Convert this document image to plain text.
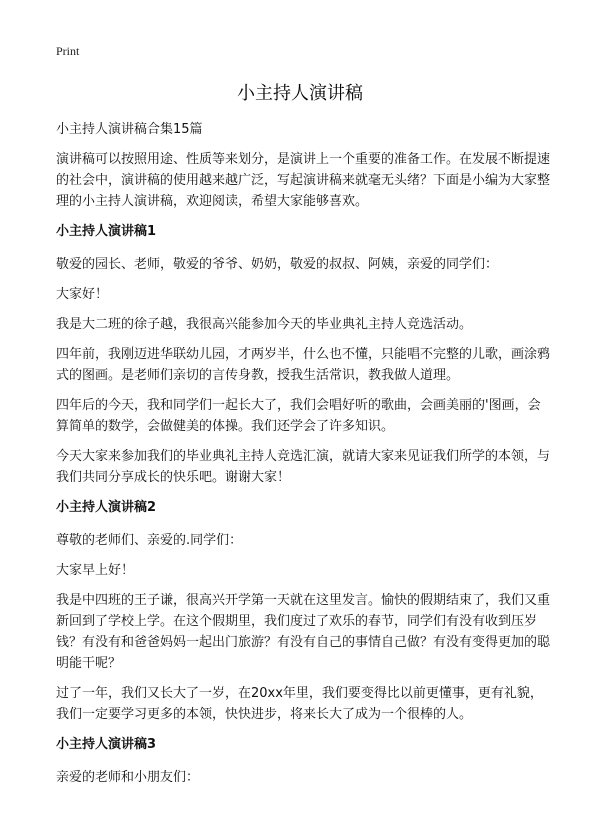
Print
小主持人演讲稿

小主持人演讲稿合集15篇

演讲稿可以按照用途、性质等来划分，是演讲上一个重要的准备工作。在发展不断提速的社会中，演讲稿的使用越来越广泛，写起演讲稿来就毫无头绪？下面是小编为大家整理的小主持人演讲稿，欢迎阅读，希望大家能够喜欢。

小主持人演讲稿1

敬爱的园长、老师，敬爱的爷爷、奶奶，敬爱的叔叔、阿姨，亲爱的同学们：

大家好！

我是大二班的徐子越，我很高兴能参加今天的毕业典礼主持人竞选活动。

四年前，我刚迈进华联幼儿园，才两岁半，什么也不懂，只能唱不完整的儿歌，画涂鸦式的图画。是老师们亲切的言传身教，授我生活常识，教我做人道理。

四年后的今天，我和同学们一起长大了，我们会唱好听的歌曲，会画美丽的'图画，会算简单的数学，会做健美的体操。我们还学会了许多知识。

今天大家来参加我们的毕业典礼主持人竞选汇演，就请大家来见证我们所学的本领，与我们共同分享成长的快乐吧。谢谢大家！

小主持人演讲稿2

尊敬的老师们、亲爱的.同学们：

大家早上好！

我是中四班的王子谦，很高兴开学第一天就在这里发言。愉快的假期结束了，我们又重新回到了学校上学。在这个假期里，我们度过了欢乐的春节，同学们有没有收到压岁钱？有没有和爸爸妈妈一起出门旅游？有没有自己的事情自己做？有没有变得更加的聪明能干呢？

过了一年，我们又长大了一岁，在20xx年里，我们要变得比以前更懂事，更有礼貌，我们一定要学习更多的本领，快快进步，将来长大了成为一个很棒的人。

小主持人演讲稿3

亲爱的老师和小朋友们：
